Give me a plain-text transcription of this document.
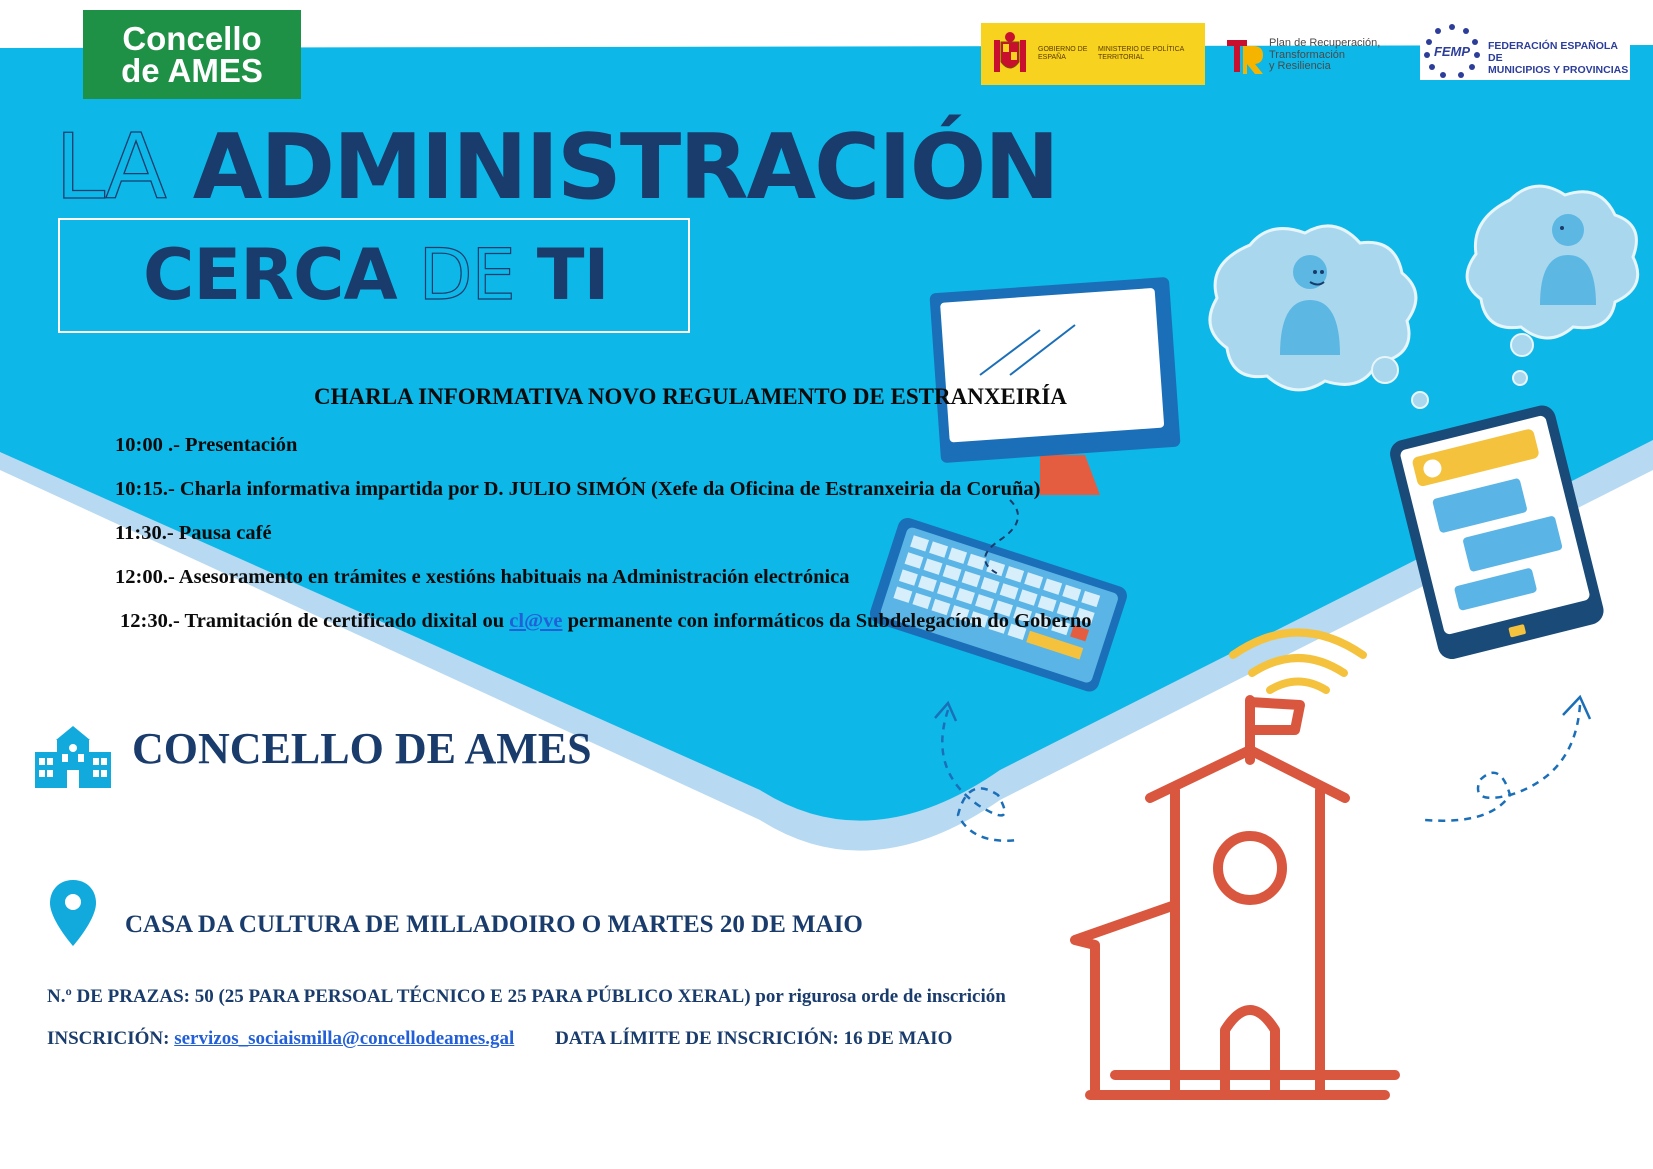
Concello
de AMES
GOBIERNO DE ESPAÑA
MINISTERIO DE POLÍTICA TERRITORIAL
Plan de Recuperación,
Transformación
y Resiliencia
FEMP FEDERACIÓN ESPAÑOLA DE
MUNICIPIOS Y PROVINCIAS
LA ADMINISTRACIÓN
CERCA DE TI
CHARLA INFORMATIVA NOVO REGULAMENTO DE ESTRANXEIRÍA
10:00 .- Presentación
10:15.- Charla informativa impartida por D. JULIO SIMÓN (Xefe da Oficina de Estranxeiria da Coruña)
11:30.- Pausa café
12:00.- Asesoramento en trámites e xestións habituais na Administración electrónica
12:30.- Tramitación de certificado dixital ou cl@ve permanente con informáticos da Subdelegacíon do Goberno
CONCELLO DE AMES
CASA DA CULTURA DE MILLADOIRO O MARTES 20 DE MAIO
N.º DE PRAZAS: 50 (25 PARA PERSOAL TÉCNICO E 25 PARA PÚBLICO XERAL) por rigurosa orde de inscrición
INSCRICIÓN: servizos_sociaismilla@concellodeames.gal DATA LÍMITE DE INSCRICIÓN: 16 DE MAIO
